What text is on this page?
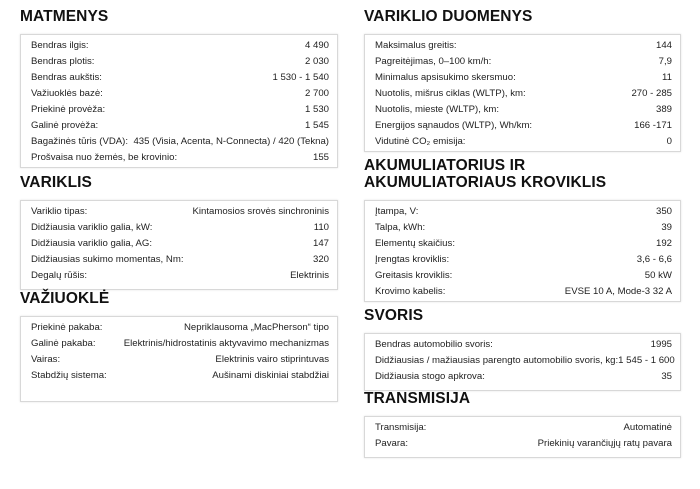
MATMENYS
Bendras ilgis:	4 490
Bendras plotis:	2 030
Bendras aukštis:	1 530 - 1 540
Važiuoklės bazė:	2 700
Priekinė provėža:	1 530
Galinė provėža:	1 545
Bagažinės tūris (VDA): 435 (Visia, Acenta, N-Connecta) / 420 (Tekna)
Prošvaisa nuo žemės, be krovinio:	155
VARIKLIS
Variklio tipas:	Kintamosios srovės sinchroninis
Didžiausia variklio galia, kW:	110
Didžiausia variklio galia, AG:	147
Didžiausias sukimo momentas, Nm:	320
Degalų rūšis:	Elektrinis
VAŽIUOKLĖ
Priekinė pakaba:	Nepriklausoma „MacPherson“ tipo
Galinė pakaba:	Elektrinis/hidrostatinis aktyvavimo mechanizmas
Vairas:	Elektrinis vairo stiprintuvas
Stabdžių sistema:	Aušinami diskiniai stabdžiai
VARIKLIO DUOMENYS
Maksimalus greitis:	144
Pagreitėjimas, 0–100 km/h:	7,9
Minimalus apsisukimo skersmuo:	11
Nuotolis, mišrus ciklas (WLTP), km:	270 - 285
Nuotolis, mieste (WLTP), km:	389
Energijos sąnaudos (WLTP), Wh/km:	166 -171
Vidutinė CO₂ emisija:	0
AKUMULIATORIUS IR AKUMULIATORIAUS KROVIKLIS
Įtampa, V:	350
Talpa, kWh:	39
Elementų skaičius:	192
Įrengtas kroviklis:	3,6 - 6,6
Greitasis kroviklis:	50 kW
Krovimo kabelis:	EVSE 10 A, Mode-3 32 A
SVORIS
Bendras automobilio svoris:	1995
Didžiausias / mažiausias parengto automobilio svoris, kg: 1 545 - 1 600
Didžiausia stogo apkrova:	35
TRANSMISIJA
Transmisija:	Automatinė
Pavara:	Priekinių varančiųjų ratų pavara
